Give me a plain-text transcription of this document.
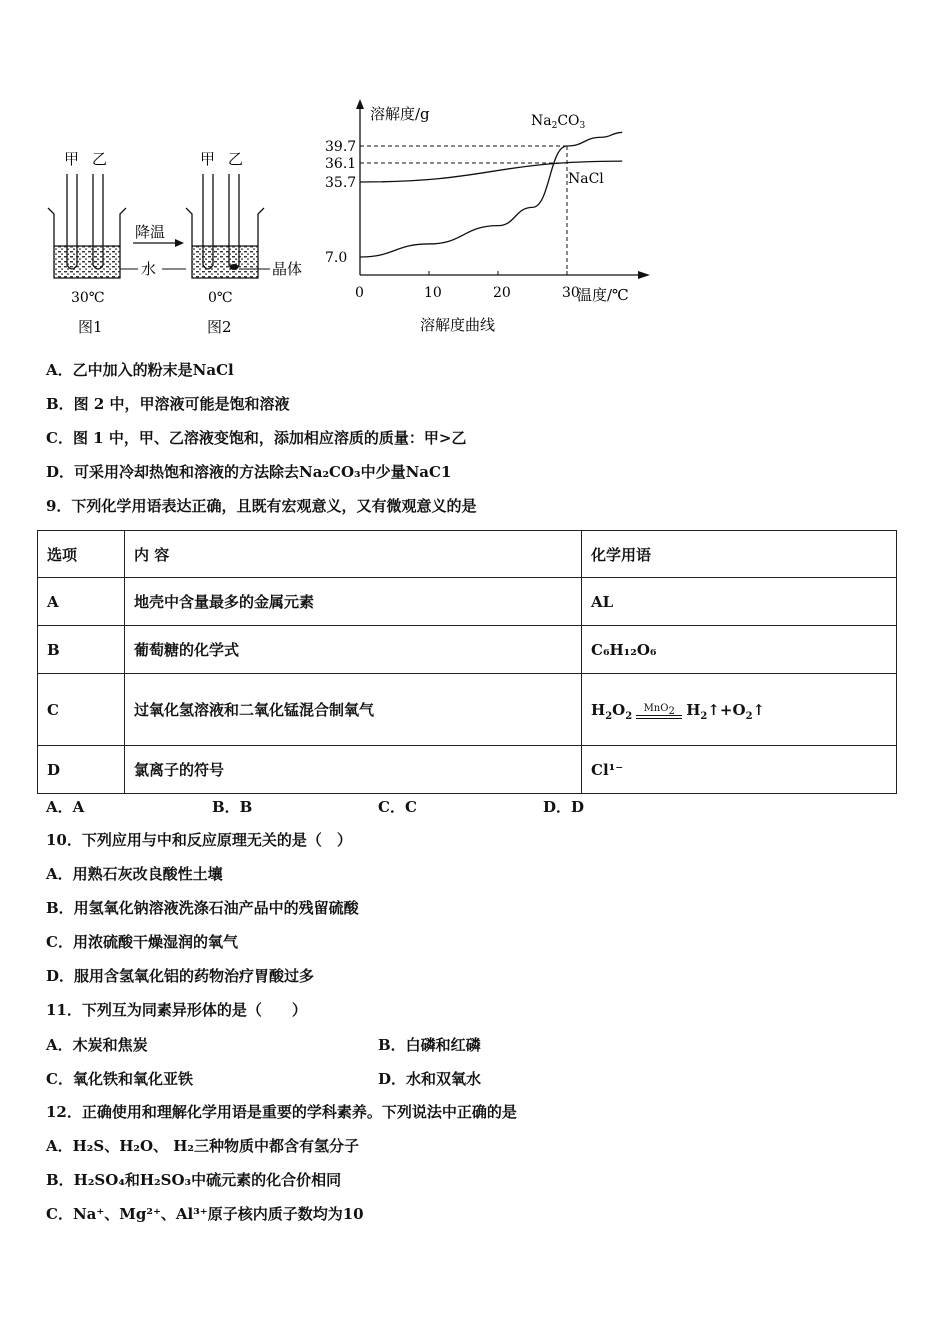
甲 乙
30℃
图1
降温
水
甲 乙
晶体
0℃
图2
溶解度/g
温度/℃
溶解度曲线
0	10	20	30
39.7
36.1
35.7
7.0
$Na_2CO_3$
NaCl
A．乙中加入的粉末是NaCl
B．图 2 中，甲溶液可能是饱和溶液
C．图 1 中，甲、乙溶液变饱和，添加相应溶质的质量：甲>乙
D．可采用冷却热饱和溶液的方法除去Na₂CO₃中少量NaC1
9．下列化学用语表达正确，且既有宏观意义，又有微观意义的是
选项	内 容	化学用语
A	地壳中含量最多的金属元素	AL
B	葡萄糖的化学式	C₆H₁₂O₆
C	过氧化氢溶液和二氧化锰混合制氧气	$H_2O_2$
MnO$_2$ $H_2↑+O_2↑$
D	氯离子的符号	Cl¹⁻
A．A	B．B	C．C	D．D
10．下列应用与中和反应原理无关的是（　）
A．用熟石灰改良酸性土壤
B．用氢氧化钠溶液洗涤石油产品中的残留硫酸
C．用浓硫酸干燥湿润的氧气
D．服用含氢氧化铝的药物治疗胃酸过多
11．下列互为同素异形体的是（　　）
A．木炭和焦炭	B．白磷和红磷
C．氧化铁和氧化亚铁	D．水和双氧水
12．正确使用和理解化学用语是重要的学科素养。下列说法中正确的是
A．H₂S、H₂O、 H₂三种物质中都含有氢分子
B．H₂SO₄和H₂SO₃中硫元素的化合价相同
C．Na⁺、Mg²⁺、Al³⁺原子核内质子数均为10
